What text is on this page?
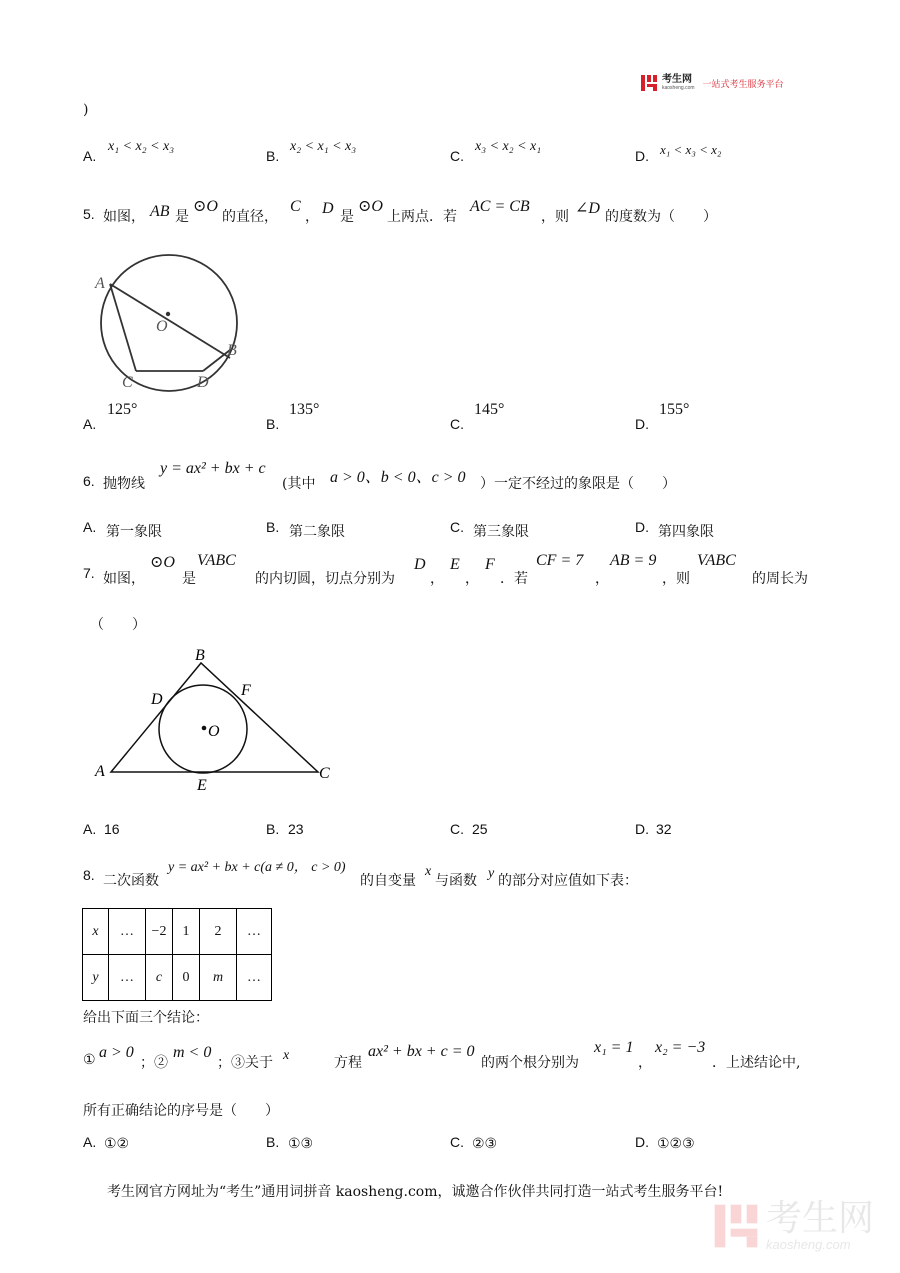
考生网
kaosheng.com 一站式考生服务平台
)
A.
x₁ < x₂ < x₃
B.
x₂ < x₁ < x₃
C.
x₃ < x₂ < x₁
D. x₁ < x₃ < x₂
5. 如图， AB 是
⊙O
的直径，
C
， D 是
⊙O
上两点．若
AC = CB
，则 ∠D 的度数为（　　）
A
O
B
C	D
A.
125°
B.
135°
C.
145°
D.
155°
6. 抛物线
y = ax² + bx + c
(其中 a > 0、b < 0、c > 0 ）一定不经过的象限是（　　）
A. 第一象限	B. 第二象限	C. 第三象限	D. 第四象限
7. 如图，
⊙O
是
VABC
的内切圆，切点分别为
D
，
E
，
F
．若
CF = 7
，
AB = 9
，则
VABC
的周长为
（　　）
B
D
F
O
A
E
C
A. 16	B. 23	C. 25	D. 32
8. 二次函数
y = ax² + bx + c(a ≠ 0， c > 0)
的自变量
x
与函数 y 的部分对应值如下表：
x	…	−2	1	2	…
y	…	c	0	m	…
给出下面三个结论：
① a > 0
；②
m < 0
；③关于 x	方程
ax² + bx + c = 0
的两个根分别为
x₁ = 1
，
x₂ = −3
．上述结论中,
所有正确结论的序号是（　　）
A. ①②	B. ①③	C. ②③	D. ①②③
考生网官方网址为“考生”通用词拼音 kaosheng.com，诚邀合作伙伴共同打造一站式考生服务平台!
考生网
kaosheng.com
